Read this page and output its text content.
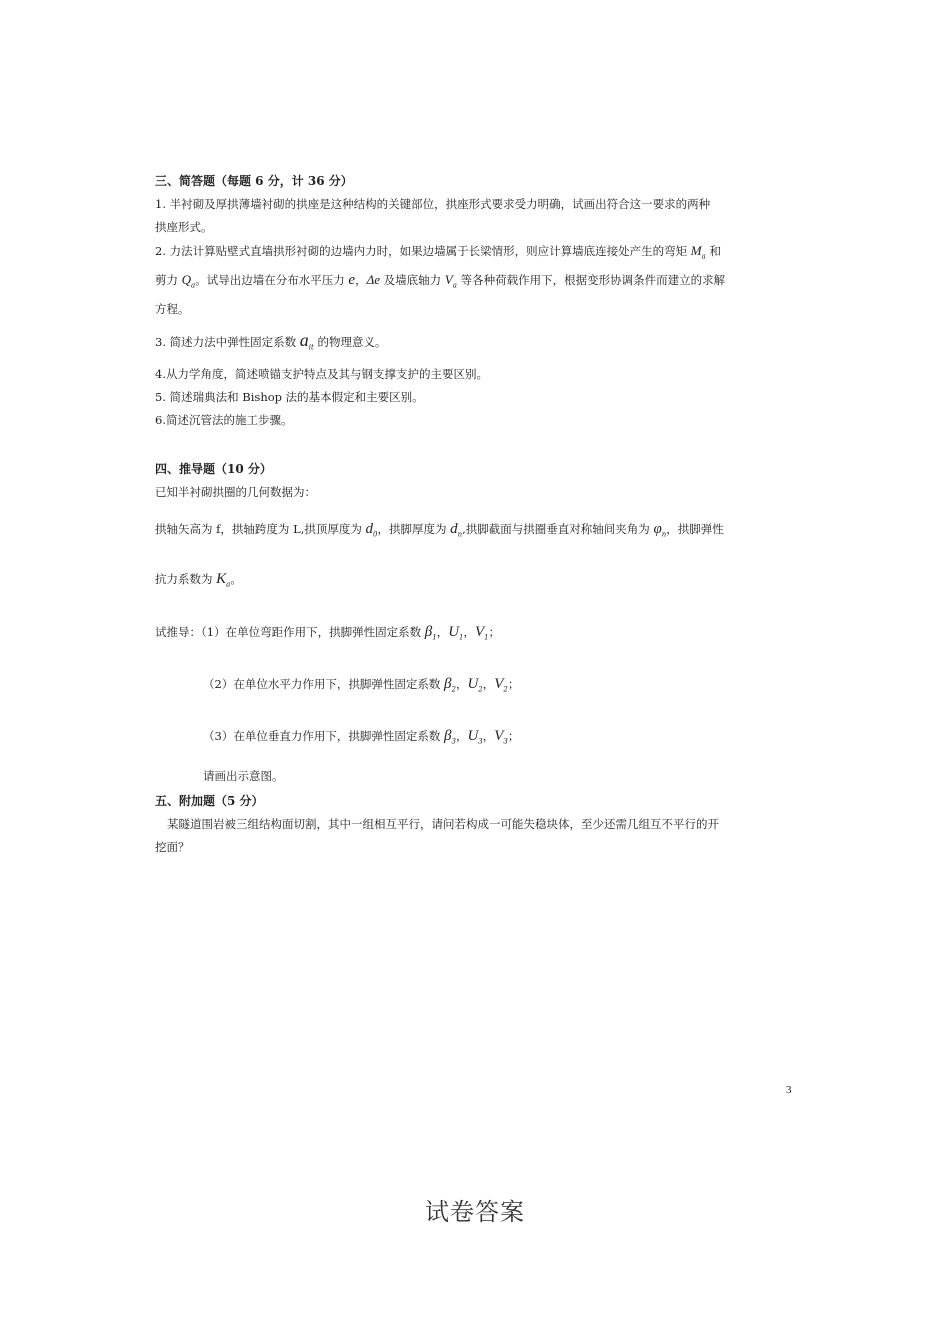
三、简答题（每题 6 分，计 36 分）
1. 半衬砌及厚拱薄墙衬砌的拱座是这种结构的关键部位，拱座形式要求受力明确，试画出符合这一要求的两种
拱座形式。
2. 力法计算贴壁式直墙拱形衬砌的边墙内力时，如果边墙属于长梁情形，则应计算墙底连接处产生的弯矩 $M_a$ 和
剪力 $Q_a$。试导出边墙在分布水平压力 e，Δe 及墙底轴力 $V_a$ 等各种荷载作用下，根据变形协调条件而建立的求解
方程。
3. 简述力法中弹性固定系数 $a_{it}$ 的物理意义。
4.从力学角度，简述喷锚支护特点及其与钢支撑支护的主要区别。
5. 简述瑞典法和 Bishop 法的基本假定和主要区别。
6.简述沉管法的施工步骤。
四、推导题（10 分）
已知半衬砌拱圈的几何数据为：
拱轴矢高为 f，拱轴跨度为 L,拱顶厚度为 $d_0$，拱脚厚度为 $d_n$,拱脚截面与拱圈垂直对称轴间夹角为 $\varphi_n$，拱脚弹性
抗力系数为 $K_a$。
试推导：（1）在单位弯距作用下，拱脚弹性固定系数 $\beta_1$，$U_1$，$V_1$；
（2）在单位水平力作用下，拱脚弹性固定系数 $\beta_2$，$U_2$，$V_2$；
（3）在单位垂直力作用下，拱脚弹性固定系数 $\beta_3$，$U_3$，$V_3$；
请画出示意图。
五、附加题（5 分）
某隧道围岩被三组结构面切割，其中一组相互平行，请问若构成一可能失稳块体，至少还需几组互不平行的开
挖面？
3
试卷答案
